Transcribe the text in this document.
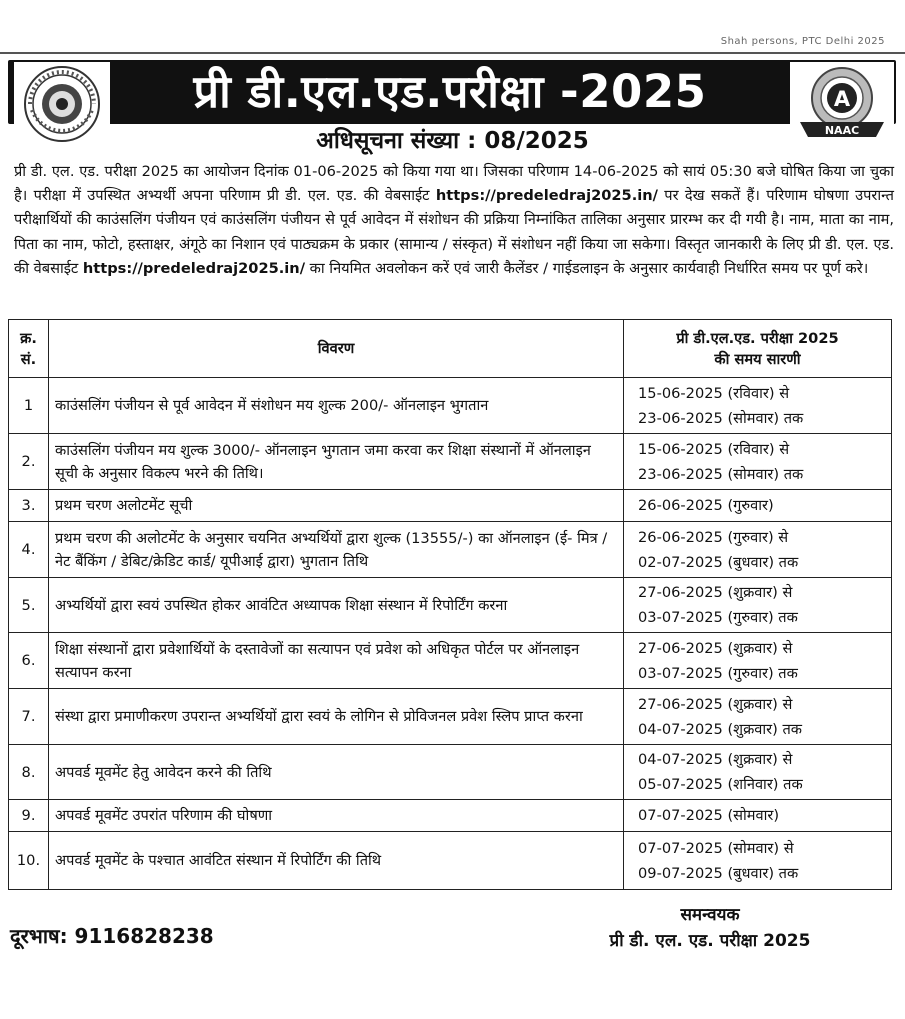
Shah persons, PTC Delhi 2025
प्री डी.एल.एड.परीक्षा -2025	A
NAAC
अधिसूचना संख्या : 08/2025
प्री डी. एल. एड. परीक्षा 2025 का आयोजन दिनांक 01-06-2025 को किया गया था। जिसका परिणाम 14-06-2025 को सायं 05:30 बजे घोषित किया जा चुका है। परीक्षा में उपस्थित अभ्यर्थी अपना परिणाम प्री डी. एल. एड. की वेबसाईट https://predeledraj2025.in/ पर देख सकतें हैं। परिणाम घोषणा उपरान्त परीक्षार्थियों की काउंसलिंग पंजीयन एवं काउंसलिंग पंजीयन से पूर्व आवेदन में संशोधन की प्रक्रिया निम्नांकित तालिका अनुसार प्रारम्भ कर दी गयी है। नाम, माता का नाम, पिता का नाम, फोटो, हस्ताक्षर, अंगूठे का निशान एवं पाठ्यक्रम के प्रकार (सामान्य / संस्कृत) में संशोधन नहीं किया जा सकेगा। विस्तृत जानकारी के लिए प्री डी. एल. एड. की वेबसाईट https://predeledraj2025.in/ का नियमित अवलोकन करें एवं जारी कैलेंडर / गाईडलाइन के अनुसार कार्यवाही निर्धारित समय पर पूर्ण करे।
क्र. सं.	विवरण	प्री डी.एल.एड. परीक्षा 2025
की समय सारणी

1	काउंसलिंग पंजीयन से पूर्व आवेदन में संशोधन मय शुल्क 200/- ऑनलाइन भुगतान	15-06-2025 (रविवार) से
23-06-2025 (सोमवार) तक

2.	काउंसलिंग पंजीयन मय शुल्क 3000/- ऑनलाइन भुगतान जमा करवा कर शिक्षा संस्थानों में ऑनलाइन सूची के अनुसार विकल्प भरने की तिथि।	15-06-2025 (रविवार) से
23-06-2025 (सोमवार) तक

3.	प्रथम चरण अलोटमेंट सूची	26-06-2025 (गुरुवार)

4.	प्रथम चरण की अलोटमेंट के अनुसार चयनित अभ्यर्थियों द्वारा शुल्क (13555/-) का ऑनलाइन (ई- मित्र / नेट बैंकिंग / डेबिट/क्रेडिट कार्ड/ यूपीआई द्वारा) भुगतान तिथि	26-06-2025 (गुरुवार) से
02-07-2025 (बुधवार) तक

5.	अभ्यर्थियों द्वारा स्वयं उपस्थित होकर आवंटित अध्यापक शिक्षा संस्थान में रिपोर्टिंग करना	27-06-2025 (शुक्रवार) से
03-07-2025 (गुरुवार) तक

6.	शिक्षा संस्थानों द्वारा प्रवेशार्थियों के दस्तावेजों का सत्यापन एवं प्रवेश को अधिकृत पोर्टल पर ऑनलाइन सत्यापन करना	27-06-2025 (शुक्रवार) से
03-07-2025 (गुरुवार) तक

7.	संस्था द्वारा प्रमाणीकरण उपरान्त अभ्यर्थियों द्वारा स्वयं के लोगिन से प्रोविजनल प्रवेश स्लिप प्राप्त करना	27-06-2025 (शुक्रवार) से
04-07-2025 (शुक्रवार) तक

8.	अपवर्ड मूवमेंट हेतु आवेदन करने की तिथि	04-07-2025 (शुक्रवार) से
05-07-2025 (शनिवार) तक

9.	अपवर्ड मूवमेंट उपरांत परिणाम की घोषणा	07-07-2025 (सोमवार)

10.	अपवर्ड मूवमेंट के पश्चात आवंटित संस्थान में रिपोर्टिंग की तिथि	07-07-2025 (सोमवार) से
09-07-2025 (बुधवार) तक
दूरभाष: 9116828238
समन्वयक
प्री डी. एल. एड. परीक्षा 2025
